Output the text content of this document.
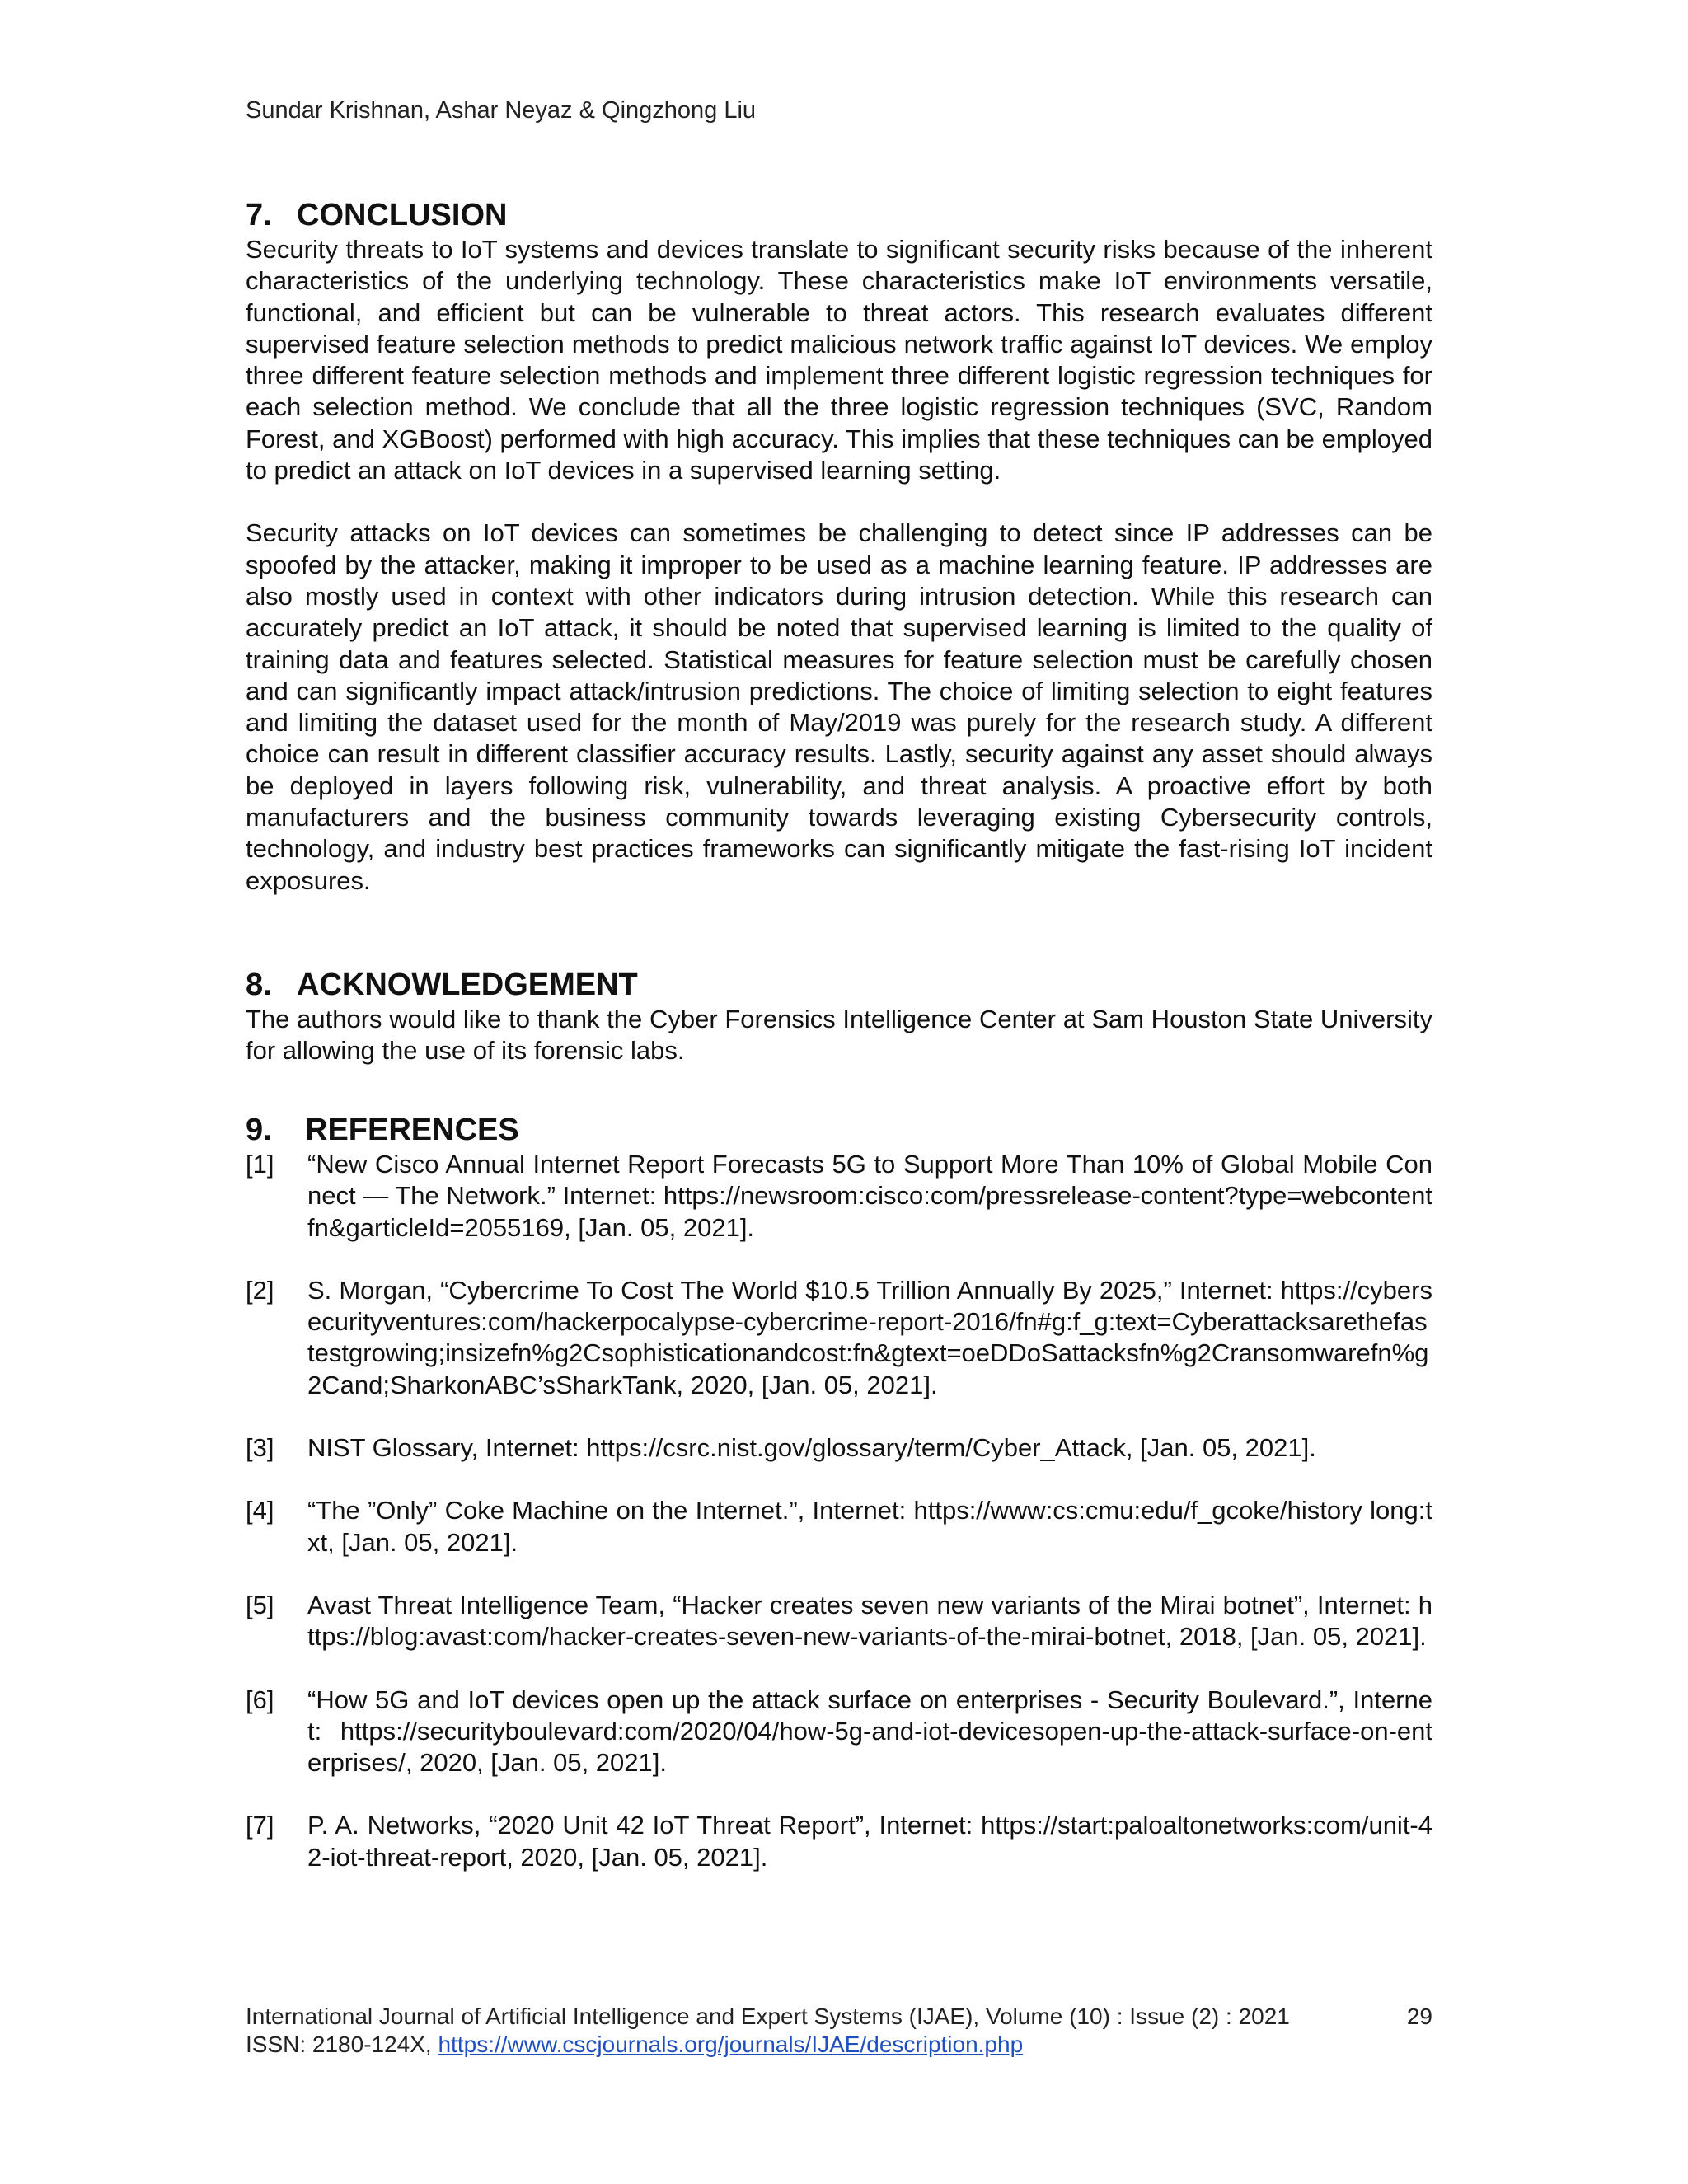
Sundar Krishnan, Ashar Neyaz & Qingzhong Liu
7. CONCLUSION

Security threats to IoT systems and devices translate to significant security risks because of the inherent characteristics of the underlying technology. These characteristics make IoT environments versatile, functional, and efficient but can be vulnerable to threat actors. This research evaluates different supervised feature selection methods to predict malicious network traffic against IoT devices. We employ three different feature selection methods and implement three different logistic regression techniques for each selection method. We conclude that all the three logistic regression techniques (SVC, Random Forest, and XGBoost) performed with high accuracy. This implies that these techniques can be employed to predict an attack on IoT devices in a supervised learning setting.

Security attacks on IoT devices can sometimes be challenging to detect since IP addresses can be spoofed by the attacker, making it improper to be used as a machine learning feature. IP addresses are also mostly used in context with other indicators during intrusion detection. While this research can accurately predict an IoT attack, it should be noted that supervised learning is limited to the quality of training data and features selected. Statistical measures for feature selection must be carefully chosen and can significantly impact attack/intrusion predictions. The choice of limiting selection to eight features and limiting the dataset used for the month of May/2019 was purely for the research study. A different choice can result in different classifier accuracy results. Lastly, security against any asset should always be deployed in layers following risk, vulnerability, and threat analysis. A proactive effort by both manufacturers and the business community towards leveraging existing Cybersecurity controls, technology, and industry best practices frameworks can significantly mitigate the fast-rising IoT incident exposures.

8. ACKNOWLEDGEMENT

The authors would like to thank the Cyber Forensics Intelligence Center at Sam Houston State University for allowing the use of its forensic labs.

9. REFERENCES
[1]	“New Cisco Annual Internet Report Forecasts 5G to Support More Than 10% of Global Mobile Connect — The Network.” Internet: https://newsroom:cisco:com/pressrelease-content?type=webcontentfn&garticleId=2055169, [Jan. 05, 2021].
[2]	S. Morgan, “Cybercrime To Cost The World $10.5 Trillion Annually By 2025,” Internet: https://cybersecurityventures:com/hackerpocalypse-cybercrime-report-2016/fn#g:f_g:text=Cyberattacksarethefastestgrowing;insizefn%g2Csophisticationandcost:fn&gtext=oeDDoSattacksfn%g2Cransomwarefn%g2Cand;SharkonABC’sSharkTank, 2020, [Jan. 05, 2021].
[3]	NIST Glossary, Internet: https://csrc.nist.gov/glossary/term/Cyber_Attack, [Jan. 05, 2021].
[4]	“The ”Only” Coke Machine on the Internet.”, Internet: https://www:cs:cmu:edu/f_gcoke/history long:txt, [Jan. 05, 2021].
[5]	Avast Threat Intelligence Team, “Hacker creates seven new variants of the Mirai botnet”, Internet: https://blog:avast:com/hacker-creates-seven-new-variants-of-the-mirai-botnet, 2018, [Jan. 05, 2021].
[6]	“How 5G and IoT devices open up the attack surface on enterprises - Security Boulevard.”, Internet: https://securityboulevard:com/2020/04/how-5g-and-iot-devicesopen-up-the-attack-surface-on-enterprises/, 2020, [Jan. 05, 2021].
[7]	P. A. Networks, “2020 Unit 42 IoT Threat Report”, Internet: https://start:paloaltonetworks:com/unit-42-iot-threat-report, 2020, [Jan. 05, 2021].
International Journal of Artificial Intelligence and Expert Systems (IJAE), Volume (10) : Issue (2) : 2021	29
ISSN: 2180-124X, https://www.cscjournals.org/journals/IJAE/description.php
